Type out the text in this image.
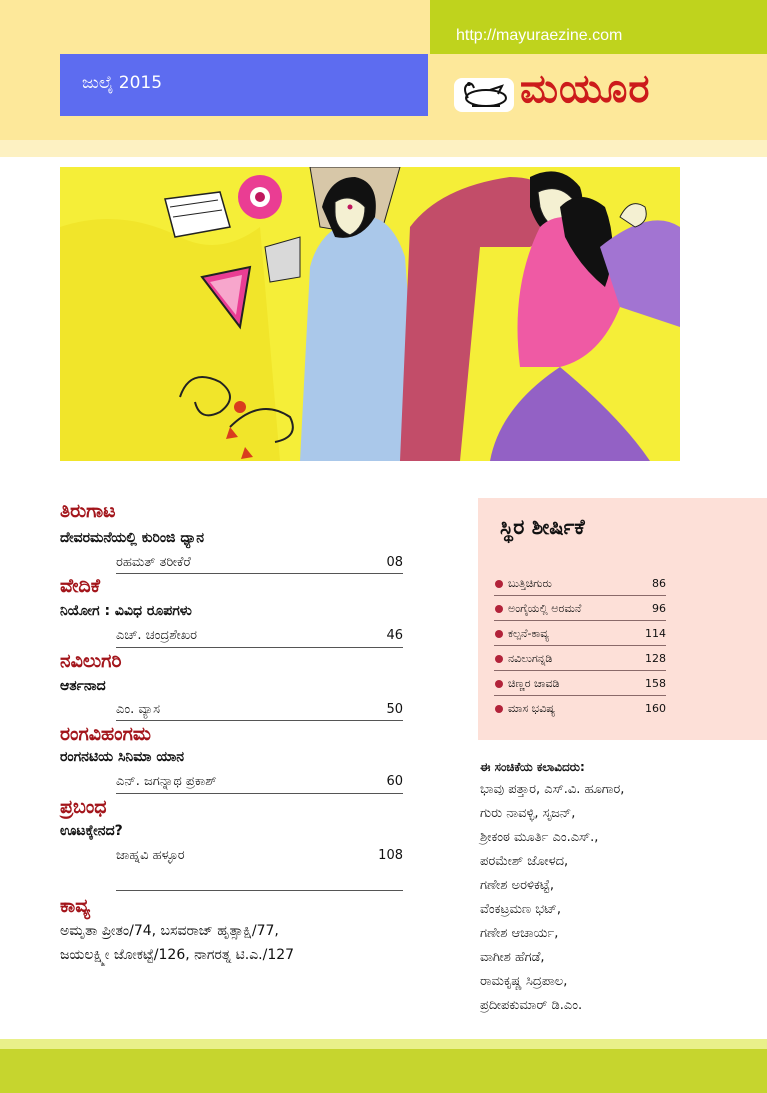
http://mayuraezine.com
ಜುಲೈ 2015	ಮಯೂರ
ತಿರುಗಾಟ
ದೇವರಮನೆಯಲ್ಲಿ ಕುರಿಂಜಿ ಧ್ಯಾನ
ರಹಮತ್ ತರೀಕೆರೆ	08
ವೇದಿಕೆ
ನಿಯೋಗ : ವಿವಿಧ ರೂಪಗಳು
ಎಚ್. ಚಂದ್ರಶೇಖರ	46
ನವಿಲುಗರಿ
ಆರ್ತನಾದ
ಎಂ. ವ್ಯಾಸ	50
ರಂಗವಿಹಂಗಮ
ರಂಗನಟಿಯ ಸಿನಿಮಾ ಯಾನ
ಎನ್. ಜಗನ್ನಾಥ ಪ್ರಕಾಶ್	60
ಪ್ರಬಂಧ
ಊಟಕ್ಕೇನದ?
ಜಾಹ್ನವಿ ಹಳ್ಳೂರ	108
ಕಾವ್ಯ
ಅಮೃತಾ ಪ್ರೀತಂ/74, ಬಸವರಾಜ್ ಹೃತ್ಸಾಕ್ಷಿ/77,
ಜಯಲಕ್ಷ್ಮೀ ಜೋಕಟ್ಟೆ/126, ನಾಗರತ್ನ ಟಿ.ಎ./127
ಸ್ಥಿರ ಶೀರ್ಷಿಕೆ
ಬುತ್ತಿಚಿಗುರು	86
ಅಂಗೈಯಲ್ಲಿ ಅರಮನೆ	96
ಕಲ್ಪನೆ-ಕಾವ್ಯ	114
ನವಿಲುಗನ್ನಡಿ	128
ಚಿಣ್ಣರ ಚಾವಡಿ	158
ಮಾಸ ಭವಿಷ್ಯ	160
ಈ ಸಂಚಿಕೆಯ ಕಲಾವಿದರು:
ಭಾವು ಪತ್ತಾರ, ಎಸ್.ವಿ. ಹೂಗಾರ,
ಗುರು ನಾವಳ್ಳಿ, ಸೃಜನ್,
ಶ್ರೀಕಂಠ ಮೂರ್ತಿ ಎಂ.ಎಸ್.,
ಪರಮೇಶ್ ಜೋಳದ,
ಗಣೇಶ ಅರಳಿಕಟ್ಟೆ,
ವೆಂಕಟ್ರಮಣ ಭಟ್,
ಗಣೇಶ ಆಚಾರ್ಯ,
ವಾಗೀಶ ಹೆಗಡೆ,
ರಾಮಕೃಷ್ಣ ಸಿದ್ರಪಾಲ,
ಪ್ರದೀಪಕುಮಾರ್ ಡಿ.ಎಂ.
